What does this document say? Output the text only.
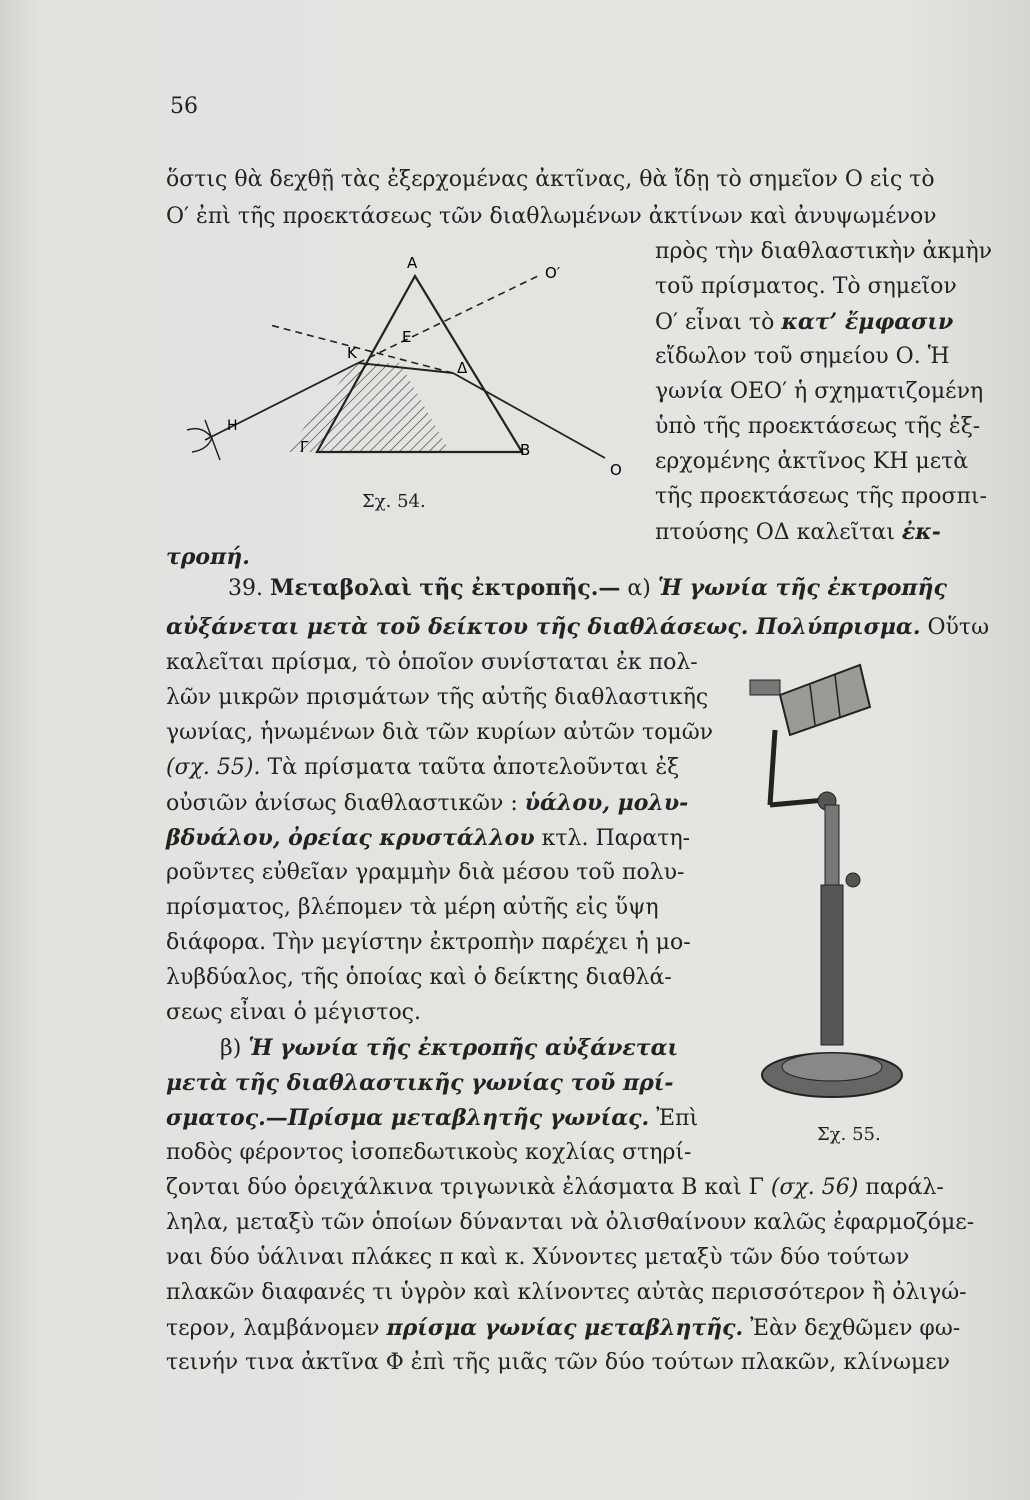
56

ὅστις θὰ δεχθῇ τὰς ἐξερχομένας ἀκτῖνας, θὰ ἴδῃ τὸ σημεῖον Ο εἰς τὸ

Ο′ ἐπὶ τῆς προεκτάσεως τῶν διαθλωμένων ἀκτίνων καὶ ἀνυψωμένον

πρὸς τὴν διαθλαστικὴν ἀκμὴν

τοῦ πρίσματος. Τὸ σημεῖον

Ο′ εἶναι τὸ κατ’ ἔμφασιν

εἴδωλον τοῦ σημείου Ο. Ἡ

γωνία ΟΕΟ′ ἡ σχηματιζομένη

ὑπὸ τῆς προεκτάσεως τῆς ἐξ-

ερχομένης ἀκτῖνος ΚΗ μετὰ

τῆς προεκτάσεως τῆς προσπι-

πτούσης ΟΔ καλεῖται ἐκ-

Α
Ο′
Ε
Κ
Δ
Η
Γ	Β
Ο
Σχ. 54.

τροπή.

39. Μεταβολαὶ τῆς ἐκτροπῆς.— α) Ἡ γωνία τῆς ἐκτροπῆς

αὐξάνεται μετὰ τοῦ δείκτου τῆς διαθλάσεως. Πολύπρισμα. Οὕτω

καλεῖται πρίσμα, τὸ ὁποῖον συνίσταται ἐκ πολ-

λῶν μικρῶν πρισμάτων τῆς αὐτῆς διαθλαστικῆς

γωνίας, ἡνωμένων διὰ τῶν κυρίων αὐτῶν τομῶν

(σχ. 55). Τὰ πρίσματα ταῦτα ἀποτελοῦνται ἐξ

οὐσιῶν ἀνίσως διαθλαστικῶν : ὑάλου, μολυ-

βδυάλου, ὀρείας κρυστάλλου κτλ. Παρατη-

ροῦντες εὐθεῖαν γραμμὴν διὰ μέσου τοῦ πολυ-

πρίσματος, βλέπομεν τὰ μέρη αὐτῆς εἰς ὕψη

διάφορα. Τὴν μεγίστην ἐκτροπὴν παρέχει ἡ μο-

λυβδύαλος, τῆς ὁποίας καὶ ὁ δείκτης διαθλά-

σεως εἶναι ὁ μέγιστος.

β) Ἡ γωνία τῆς ἐκτροπῆς αὐξάνεται

μετὰ τῆς διαθλαστικῆς γωνίας τοῦ πρί-

σματος.—Πρίσμα μεταβλητῆς γωνίας. Ἐπὶ

ποδὸς φέροντος ἰσοπεδωτικοὺς κοχλίας στηρί-

Σχ. 55.

ζονται δύο ὀρειχάλκινα τριγωνικὰ ἐλάσματα Β καὶ Γ (σχ. 56) παράλ-

ληλα, μεταξὺ τῶν ὁποίων δύνανται νὰ ὀλισθαίνουν καλῶς ἐφαρμοζόμε-

ναι δύο ὑάλιναι πλάκες π καὶ κ. Χύνοντες μεταξὺ τῶν δύο τούτων

πλακῶν διαφανές τι ὑγρὸν καὶ κλίνοντες αὐτὰς περισσότερον ἢ ὀλιγώ-

τερον, λαμβάνομεν πρίσμα γωνίας μεταβλητῆς. Ἐὰν δεχθῶμεν φω-

τεινήν τινα ἀκτῖνα Φ ἐπὶ τῆς μιᾶς τῶν δύο τούτων πλακῶν, κλίνωμεν
